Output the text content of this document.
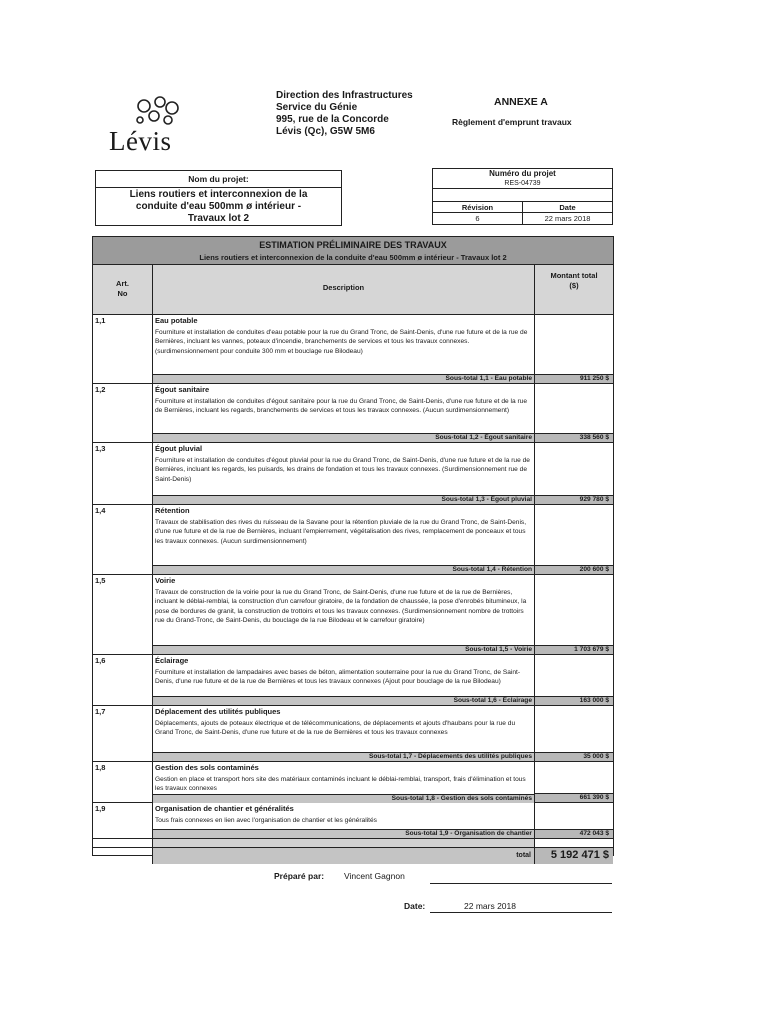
Lévis
Direction des Infrastructures
Service du Génie
995, rue de la Concorde
Lévis (Qc), G5W 5M6
ANNEXE A
Règlement d'emprunt travaux
Nom du projet:
Liens routiers et interconnexion de la
conduite d'eau 500mm ø intérieur -
Travaux lot 2
Numéro du projet
RES-04739
Révision	Date
6	22 mars 2018
ESTIMATION PRÉLIMINAIRE DES TRAVAUX
Liens routiers et interconnexion de la conduite d'eau 500mm ø intérieur - Travaux lot 2
Art.
No
Description
Montant total
($)
1,1	Eau potable
Fourniture et installation de conduites d'eau potable pour la rue du Grand Tronc, de Saint-Denis, d'une rue future et de la rue de Bernières, incluant les vannes, poteaux d'incendie, branchements de services et tous les travaux connexes. (surdimensionnement pour conduite 300 mm et bouclage rue Bilodeau)
Sous-total 1,1 - Eau potable	911 250 $
1,2	Égout sanitaire
Fourniture et installation de conduites d'égout sanitaire pour la rue du Grand Tronc, de Saint-Denis, d'une rue future et de la rue de Bernières, incluant les regards, branchements de services et tous les travaux connexes. (Aucun surdimensionnement)
Sous-total 1,2 - Égout sanitaire	338 560 $
1,3	Égout pluvial
Fourniture et installation de conduites d'égout pluvial pour la rue du Grand Tronc, de Saint-Denis, d'une rue future et de la rue de Bernières, incluant les regards, les puisards, les drains de fondation et tous les travaux connexes. (Surdimensionnement rue de Saint-Denis)
Sous-total 1,3 - Égout pluvial	929 780 $
1,4	Rétention
Travaux de stabilisation des rives du ruisseau de la Savane pour la rétention pluviale de la rue du Grand Tronc, de Saint-Denis, d'une rue future et de la rue de Bernières, incluant l'empierrement, végétalisation des rives, remplacement de ponceaux et tous les travaux connexes. (Aucun surdimensionnement)
Sous-total 1,4 - Rétention	200 600 $
1,5	Voirie
Travaux de construction de la voirie pour la rue du Grand Tronc, de Saint-Denis, d'une rue future et de la rue de Bernières, incluant le déblai-remblai, la construction d'un carrefour giratoire, de la fondation de chaussée, la pose d'enrobés bitumineux, la pose de bordures de granit, la construction de trottoirs et tous les travaux connexes. (Surdimensionnement nombre de trottoirs rue du Grand-Tronc, de Saint-Denis, du bouclage de la rue Bilodeau et le carrefour giratoire)
Sous-total 1,5 - Voirie	1 703 679 $
1,6	Éclairage
Fourniture et installation de lampadaires avec bases de béton, alimentation souterraine pour la rue du Grand Tronc, de Saint-Denis, d'une rue future et de la rue de Bernières et tous les travaux connexes (Ajout pour bouclage de la rue Bilodeau)
Sous-total 1,6 - Éclairage	163 000 $
1,7	Déplacement des utilités publiques
Déplacements, ajouts de poteaux électrique et de télécommunications, de déplacements et ajouts d'haubans pour la rue du Grand Tronc, de Saint-Denis, d'une rue future et de la rue de Bernières et tous les travaux connexes
Sous-total 1,7 - Déplacements des utilités publiques	35 000 $
1,8	Gestion des sols contaminés
Gestion en place et transport hors site des matériaux contaminés incluant le déblai-remblai, transport, frais d'élimination et tous les travaux connexes
Sous-total 1,8 - Gestion des sols contaminés	661 390 $
1,9	Organisation de chantier et généralités
Tous frais connexes en lien avec l'organisation de chantier et les généralités
Sous-total 1,9 - Organisation de chantier	472 043 $
total	5 192 471 $
Préparé par: Vincent Gagnon
Date:	22 mars 2018
